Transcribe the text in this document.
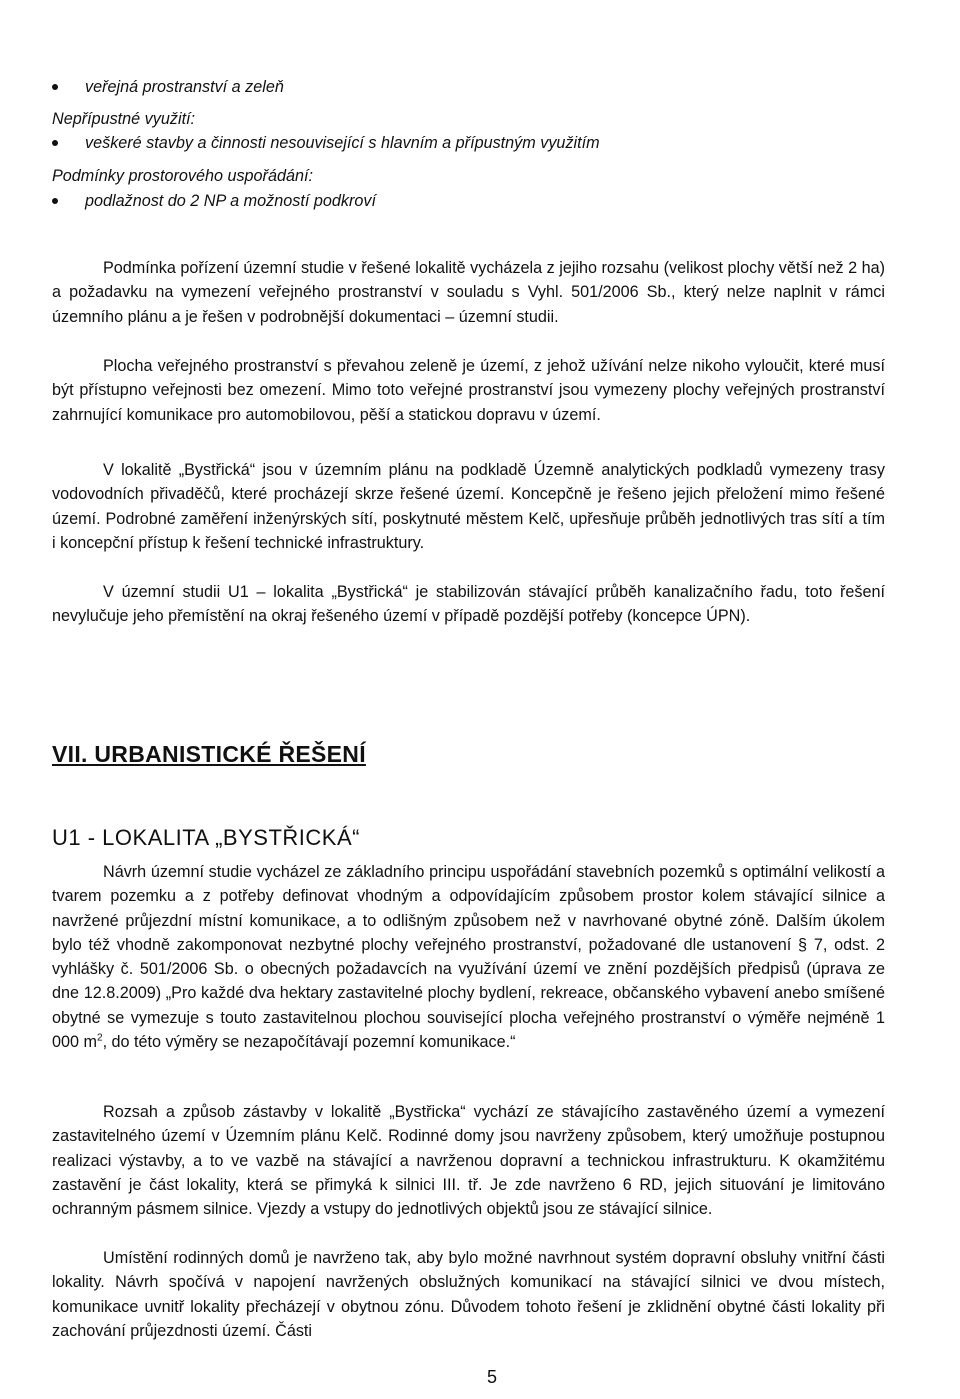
veřejná prostranství a zeleň
Nepřípustné využití:
veškeré stavby a činnosti nesouvisející s hlavním a přípustným využitím
Podmínky prostorového uspořádání:
podlažnost do 2 NP a možností podkroví

Podmínka pořízení územní studie v řešené lokalitě vycházela z jejiho rozsahu (velikost plochy větší než 2 ha) a požadavku na vymezení veřejného prostranství v souladu s Vyhl. 501/2006 Sb., který nelze naplnit v rámci územního plánu a je řešen v podrobnější dokumentaci – územní studii.

Plocha veřejného prostranství s převahou zeleně je území, z jehož užívání nelze nikoho vyloučit, které musí být přístupno veřejnosti bez omezení. Mimo toto veřejné prostranství jsou vymezeny plochy veřejných prostranství zahrnující komunikace pro automobilovou, pěší a statickou dopravu v území.

V lokalitě „Bystřická“ jsou v územním plánu na podkladě Územně analytických podkladů vymezeny trasy vodovodních přivaděčů, které procházejí skrze řešené území. Koncepčně je řešeno jejich přeložení mimo řešené území. Podrobné zaměření inženýrských sítí, poskytnuté městem Kelč, upřesňuje průběh jednotlivých tras sítí a tím i koncepční přístup k řešení technické infrastruktury.

V územní studii U1 – lokalita „Bystřická“ je stabilizován stávající průběh kanalizačního řadu, toto řešení nevylučuje jeho přemístění na okraj řešeného území v případě pozdější potřeby (koncepce ÚPN).

VII. URBANISTICKÉ ŘEŠENÍ
U1 - LOKALITA „BYSTŘICKÁ“

Návrh územní studie vycházel ze základního principu uspořádání stavebních pozemků s optimální velikostí a tvarem pozemku a z potřeby definovat vhodným a odpovídajícím způsobem prostor kolem stávající silnice a navržené průjezdní místní komunikace, a to odlišným způsobem než v navrhované obytné zóně. Dalším úkolem bylo též vhodně zakomponovat nezbytné plochy veřejného prostranství, požadované dle ustanovení § 7, odst. 2 vyhlášky č. 501/2006 Sb. o obecných požadavcích na využívání území ve znění pozdějších předpisů (úprava ze dne 12.8.2009) „Pro každé dva hektary zastavitelné plochy bydlení, rekreace, občanského vybavení anebo smíšené obytné se vymezuje s touto zastavitelnou plochou související plocha veřejného prostranství o výměře nejméně 1 000 $m^2$, do této výměry se nezapočítávají pozemní komunikace.“

Rozsah a způsob zástavby v lokalitě „Bystřicka“ vychází ze stávajícího zastavěného území a vymezení zastavitelného území v Územním plánu Kelč. Rodinné domy jsou navrženy způsobem, který umožňuje postupnou realizaci výstavby, a to ve vazbě na stávající a navrženou dopravní a technickou infrastrukturu. K okamžitému zastavění je část lokality, která se přimyká k silnici III. tř. Je zde navrženo 6 RD, jejich situování je limitováno ochranným pásmem silnice. Vjezdy a vstupy do jednotlivých objektů jsou ze stávající silnice.

Umístění rodinných domů je navrženo tak, aby bylo možné navrhnout systém dopravní obsluhy vnitřní části lokality. Návrh spočívá v napojení navržených obslužných komunikací na stávající silnici ve dvou místech, komunikace uvnitř lokality přecházejí v obytnou zónu. Důvodem tohoto řešení je zklidnění obytné části lokality při zachování průjezdnosti území. Části

5
